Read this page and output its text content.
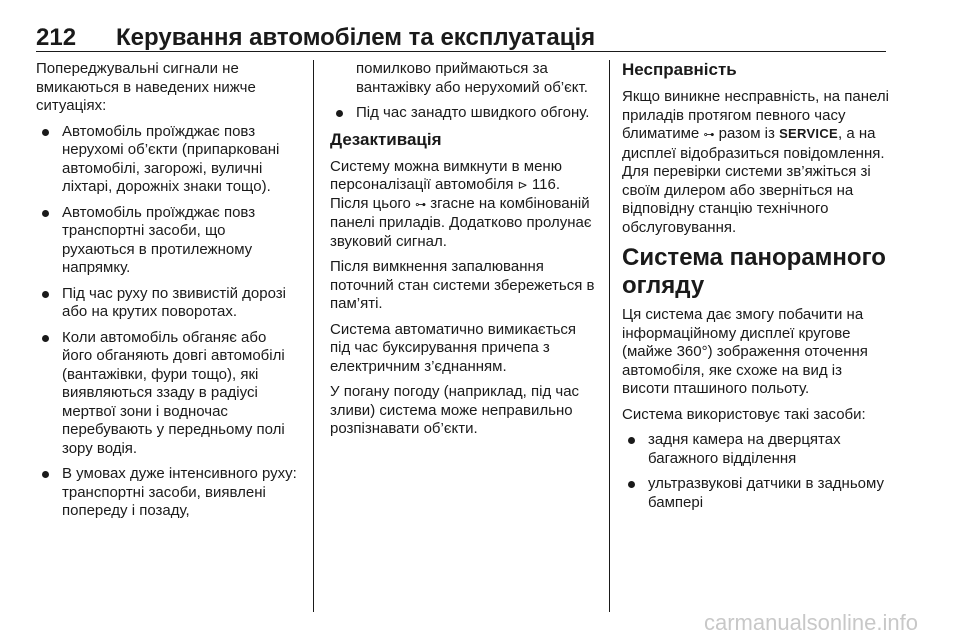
212 Керування автомобілем та експлуатація

Попереджувальні сигнали не вмикаються в наведених нижче ситуаціях:

Автомобіль проїжджає повз нерухомі об’єкти (припарковані автомобілі, загорожі, вуличні ліхтарі, дорожніх знаки тощо).
Автомобіль проїжджає повз транспортні засоби, що рухаються в протилежному напрямку.
Під час руху по звивистій дорозі або на крутих поворотах.
Коли автомобіль обганяє або його обганяють довгі автомобілі (вантажівки, фури тощо), які виявляються ззаду в радіусі мертвої зони і водночас перебувають у передньому полі зору водія.
В умовах дуже інтенсивного руху: транспортні засоби, виявлені попереду і позаду,

помилково приймаються за вантажівку або нерухомий об’єкт.

Під час занадто швидкого обгону.
Дезактивація

Систему можна вимкнути в меню персоналізації автомобіля ⊳ 116. Після цього ⊶ згасне на комбінованій панелі приладів. Додатково пролунає звуковий сигнал.

Після вимкнення запалювання поточний стан системи збережеться в пам’яті.

Система автоматично вимикається під час буксирування причепа з електричним з’єднанням.

У погану погоду (наприклад, під час зливи) система може неправильно розпізнавати об’єкти.

Несправність

Якщо виникне несправність, на панелі приладів протягом певного часу блиматиме ⊶ разом із SERVICE, а на дисплеї відобразиться повідомлення. Для перевірки системи зв’яжіться зі своїм дилером або зверніться на відповідну станцію технічного обслуговування.

Система панорамного огляду

Ця система дає змогу побачити на інформаційному дисплеї кругове (майже 360°) зображення оточення автомобіля, яке схоже на вид із висоти пташиного польоту.

Система використовує такі засоби:

задня камера на дверцятах багажного відділення
ультразвукові датчики в задньому бампері
carmanualsonline.info
